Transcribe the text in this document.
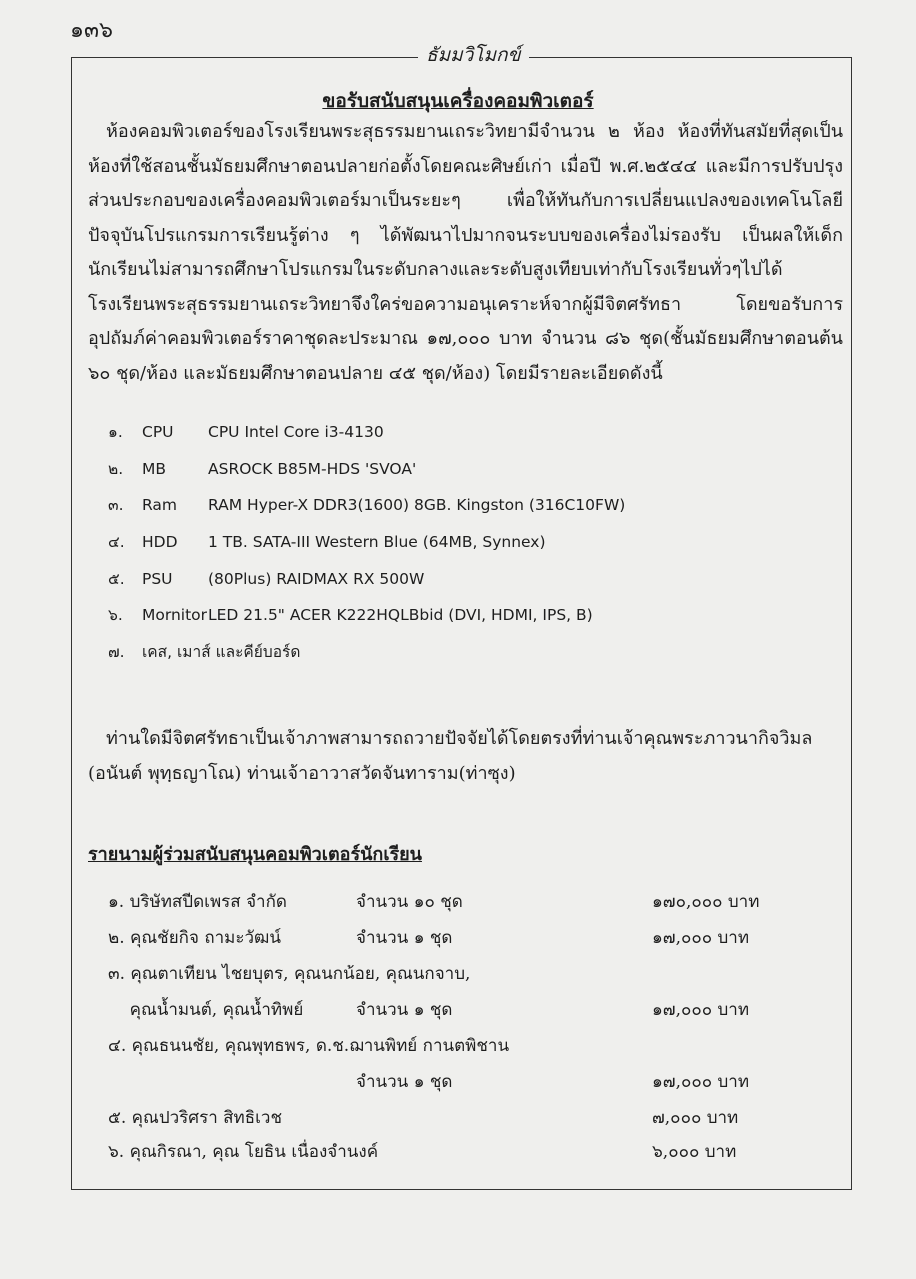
๑๓๖
ธัมมวิโมกข์
ขอรับสนับสนุนเครื่องคอมพิวเตอร์

ห้องคอมพิวเตอร์ของโรงเรียนพระสุธรรมยานเถระวิทยามีจำนวน ๒ ห้อง ห้องที่ทันสมัยที่สุดเป็นห้องที่ใช้สอนชั้นมัธยมศึกษาตอนปลายก่อตั้งโดยคณะศิษย์เก่า เมื่อปี พ.ศ.๒๕๔๔ และมีการปรับปรุงส่วนประกอบของเครื่องคอมพิวเตอร์มาเป็นระยะๆ เพื่อให้ทันกับการเปลี่ยนแปลงของเทคโนโลยีปัจจุบันโปรแกรมการเรียนรู้ต่าง ๆ ได้พัฒนาไปมากจนระบบของเครื่องไม่รองรับ เป็นผลให้เด็กนักเรียนไม่สามารถศึกษาโปรแกรมในระดับกลางและระดับสูงเทียบเท่ากับโรงเรียนทั่วๆไปได้ โรงเรียนพระสุธรรมยานเถระวิทยาจึงใคร่ขอความอนุเคราะห์จากผู้มีจิตศรัทธา โดยขอรับการอุปถัมภ์ค่าคอมพิวเตอร์ราคาชุดละประมาณ ๑๗,๐๐๐ บาท จำนวน ๘๖ ชุด(ชั้นมัธยมศึกษาตอนต้น ๖๐ ชุด/ห้อง และมัธยมศึกษาตอนปลาย ๔๕ ชุด/ห้อง) โดยมีรายละเอียดดังนี้

๑.	CPU CPU Intel Core i3-4130
๒.	MB	ASROCK B85M-HDS 'SVOA'
๓.	Ram RAM Hyper-X DDR3(1600) 8GB. Kingston (316C10FW)
๔.	HDD 1 TB. SATA-III Western Blue (64MB, Synnex)
๕.	PSU (80Plus) RAIDMAX RX 500W
๖.	Mornitor LED 21.5" ACER K222HQLBbid (DVI, HDMI, IPS, B)
๗.	เคส, เมาส์ และคีย์บอร์ด

ท่านใดมีจิตศรัทธาเป็นเจ้าภาพสามารถถวายปัจจัยได้โดยตรงที่ท่านเจ้าคุณพระภาวนากิจวิมล (อนันต์ พุทฺธญาโณ) ท่านเจ้าอาวาสวัดจันทาราม(ท่าซุง)

รายนามผู้ร่วมสนับสนุนคอมพิวเตอร์นักเรียน
๑. บริษัทสปีดเพรส จำกัด	จำนวน ๑๐ ชุด	๑๗๐,๐๐๐ บาท
๒. คุณชัยกิจ ถามะวัฒน์	จำนวน ๑ ชุด	๑๗,๐๐๐ บาท
๓. คุณตาเทียน ไชยบุตร, คุณนกน้อย, คุณนกจาบ,
คุณน้ำมนต์, คุณน้ำทิพย์	จำนวน ๑ ชุด	๑๗,๐๐๐ บาท
๔. คุณธนนชัย, คุณพุทธพร, ด.ช.ฌานพิทย์ กานตพิชาน
จำนวน ๑ ชุด	๑๗,๐๐๐ บาท
๕. คุณปวริศรา สิทธิเวช	๗,๐๐๐ บาท
๖. คุณกิรณา, คุณ โยธิน เนื่องจำนงค์	๖,๐๐๐ บาท
